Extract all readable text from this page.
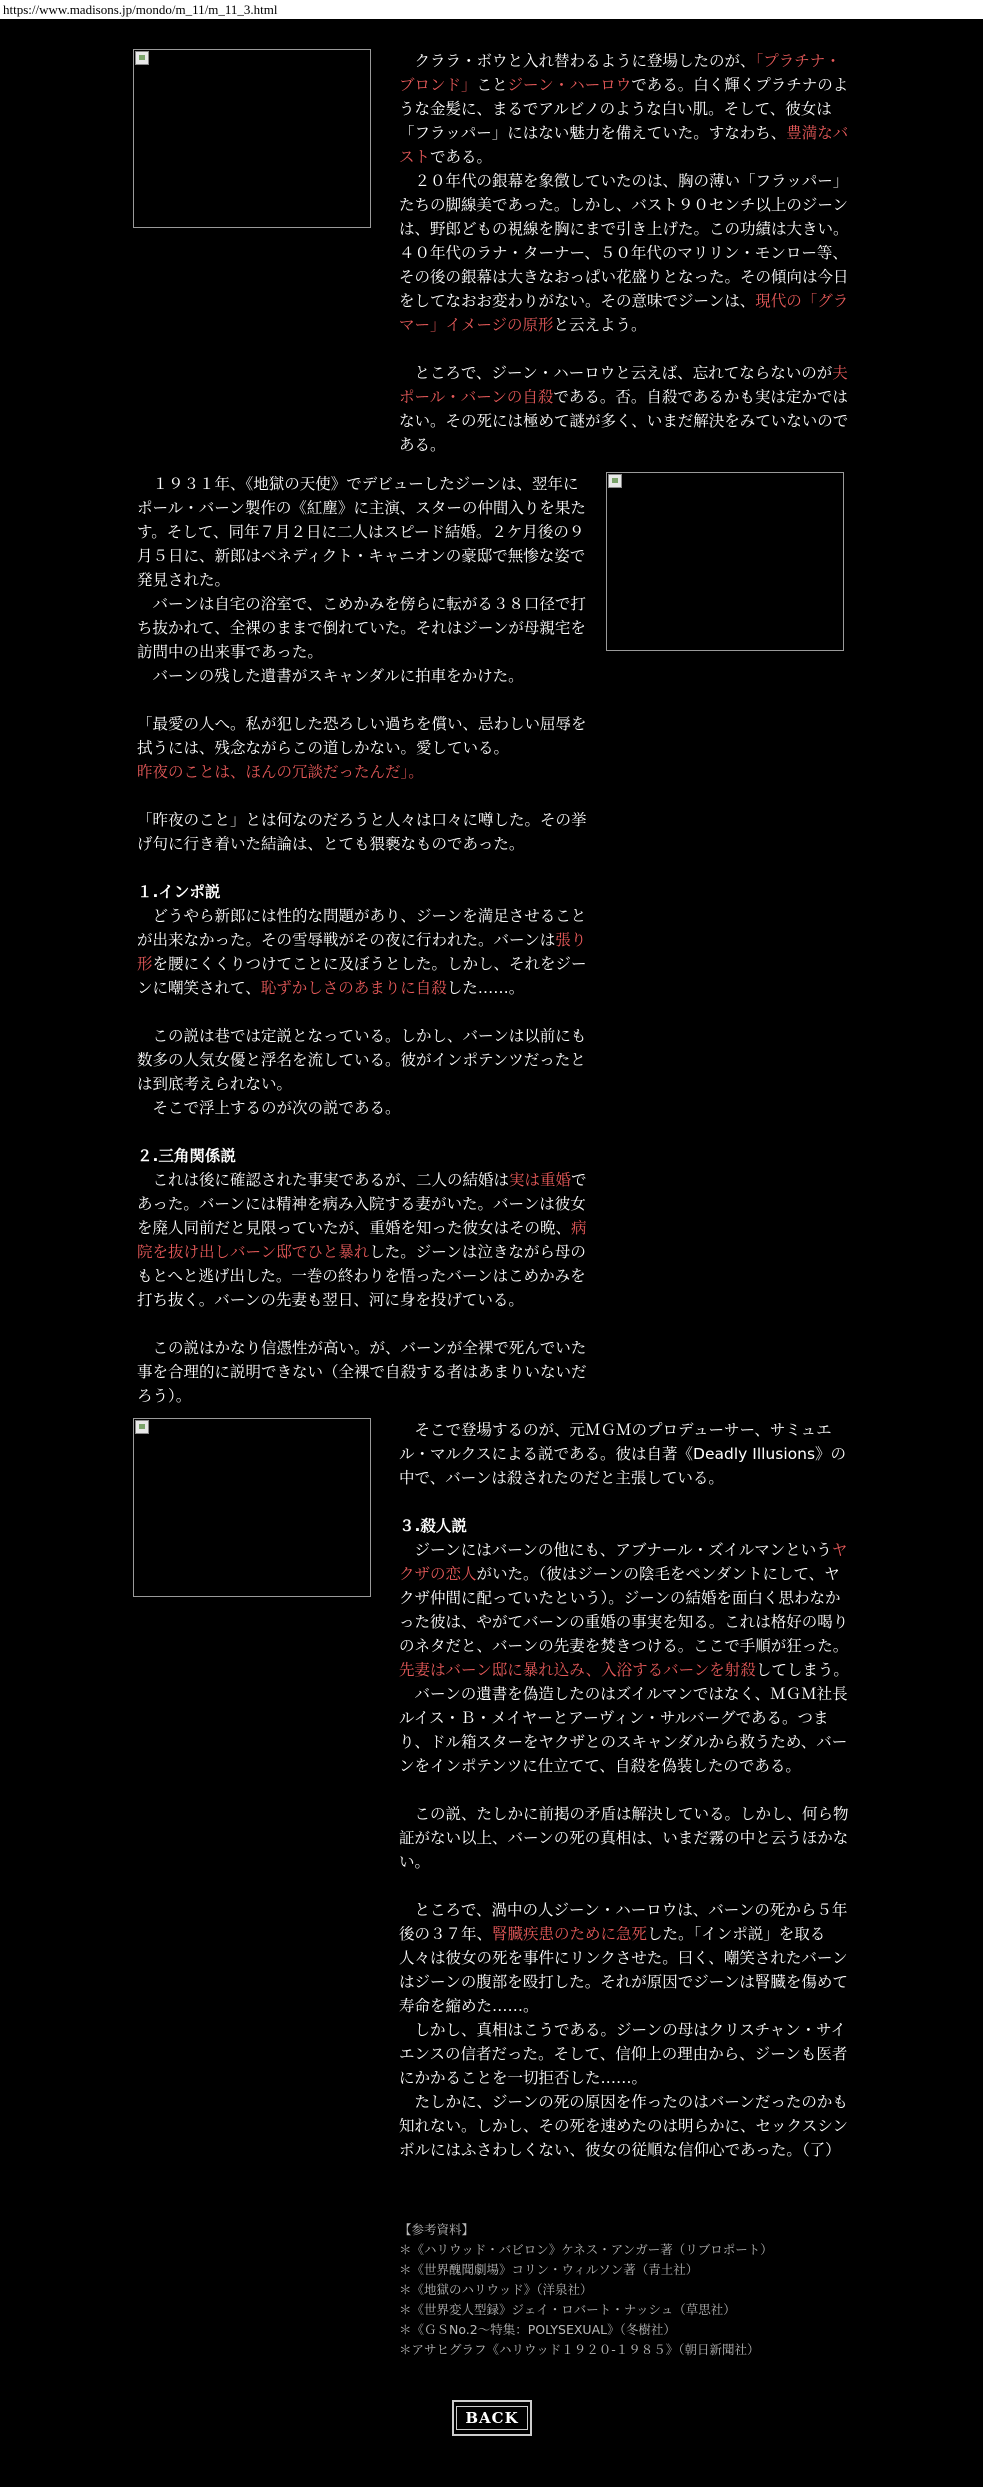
https://www.madisons.jp/mondo/m_11/m_11_3.html

クララ・ボウと入れ替わるように登場したのが、「プラチナ・ブロンド」ことジーン・ハーロウである。白く輝くプラチナのような金髪に、まるでアルビノのような白い肌。そして、彼女は「フラッパー」にはない魅力を備えていた。すなわち、豊満なバストである。

２０年代の銀幕を象徴していたのは、胸の薄い「フラッパー」たちの脚線美であった。しかし、バスト９０センチ以上のジーンは、野郎どもの視線を胸にまで引き上げた。この功績は大きい。４０年代のラナ・ターナー、５０年代のマリリン・モンロー等、その後の銀幕は大きなおっぱい花盛りとなった。その傾向は今日をしてなおお変わりがない。その意味でジーンは、現代の「グラマー」イメージの原形と云えよう。

ところで、ジーン・ハーロウと云えば、忘れてならないのが夫ポール・バーンの自殺である。否。自殺であるかも実は定かではない。その死には極めて謎が多く、いまだ解決をみていないのである。

１９３１年、《地獄の天使》でデビューしたジーンは、翌年にポール・バーン製作の《紅塵》に主演、スターの仲間入りを果たす。そして、同年７月２日に二人はスピード結婚。２ケ月後の９月５日に、新郎はベネディクト・キャニオンの豪邸で無惨な姿で発見された。

バーンは自宅の浴室で、こめかみを傍らに転がる３８口径で打ち抜かれて、全裸のままで倒れていた。それはジーンが母親宅を訪問中の出来事であった。

バーンの残した遺書がスキャンダルに拍車をかけた。

「最愛の人へ。私が犯した恐ろしい過ちを償い、忌わしい屈辱を拭うには、残念ながらこの道しかない。愛している。
昨夜のことは、ほんの冗談だったんだ」。

「昨夜のこと」とは何なのだろうと人々は口々に噂した。その挙げ句に行き着いた結論は、とても猥褻なものであった。

１.インポ説

どうやら新郎には性的な問題があり、ジーンを満足させることが出来なかった。その雪辱戦がその夜に行われた。バーンは張り形を腰にくくりつけてことに及ぼうとした。しかし、それをジーンに嘲笑されて、恥ずかしさのあまりに自殺した……。

この説は巷では定説となっている。しかし、バーンは以前にも数多の人気女優と浮名を流している。彼がインポテンツだったとは到底考えられない。

そこで浮上するのが次の説である。

２.三角関係説

これは後に確認された事実であるが、二人の結婚は実は重婚であった。バーンには精神を病み入院する妻がいた。バーンは彼女を廃人同前だと見限っていたが、重婚を知った彼女はその晩、病院を抜け出しバーン邸でひと暴れした。ジーンは泣きながら母のもとへと逃げ出した。一巻の終わりを悟ったバーンはこめかみを打ち抜く。バーンの先妻も翌日、河に身を投げている。

この説はかなり信憑性が高い。が、バーンが全裸で死んでいた事を合理的に説明できない（全裸で自殺する者はあまりいないだろう）。

そこで登場するのが、元ＭＧＭのプロデューサー、サミュエル・マルクスによる説である。彼は自著《Deadly Illusions》の中で、バーンは殺されたのだと主張している。

３.殺人説

ジーンにはバーンの他にも、アブナール・ズイルマンというヤクザの恋人がいた。（彼はジーンの陰毛をペンダントにして、ヤクザ仲間に配っていたという）。ジーンの結婚を面白く思わなかった彼は、やがてバーンの重婚の事実を知る。これは格好の喝りのネタだと、バーンの先妻を焚きつける。ここで手順が狂った。先妻はバーン邸に暴れ込み、入浴するバーンを射殺してしまう。

バーンの遺書を偽造したのはズイルマンではなく、ＭＧＭ社長ルイス・Ｂ・メイヤーとアーヴィン・サルバーグである。つまり、ドル箱スターをヤクザとのスキャンダルから救うため、バーンをインポテンツに仕立てて、自殺を偽装したのである。

この説、たしかに前掲の矛盾は解決している。しかし、何ら物証がない以上、バーンの死の真相は、いまだ霧の中と云うほかない。

ところで、渦中の人ジーン・ハーロウは、バーンの死から５年後の３７年、腎臓疾患のために急死した。「インポ説」を取る人々は彼女の死を事件にリンクさせた。曰く、嘲笑されたバーンはジーンの腹部を殴打した。それが原因でジーンは腎臓を傷めて寿命を縮めた……。

しかし、真相はこうである。ジーンの母はクリスチャン・サイエンスの信者だった。そして、信仰上の理由から、ジーンも医者にかかることを一切拒否した……。

たしかに、ジーンの死の原因を作ったのはバーンだったのかも知れない。しかし、その死を速めたのは明らかに、セックスシンボルにはふさわしくない、彼女の従順な信仰心であった。（了）

【参考資料】

＊《ハリウッド・バビロン》ケネス・アンガー著（リブロポート）

＊《世界醜聞劇場》コリン・ウィルソン著（青土社）

＊《地獄のハリウッド》（洋泉社）

＊《世界変人型録》ジェイ・ロバート・ナッシュ（草思社）

＊《ＧＳNo.2～特集：POLYSEXUAL》（冬樹社）

＊アサヒグラフ《ハリウッド１９２０-１９８５》（朝日新聞社）

BACK
